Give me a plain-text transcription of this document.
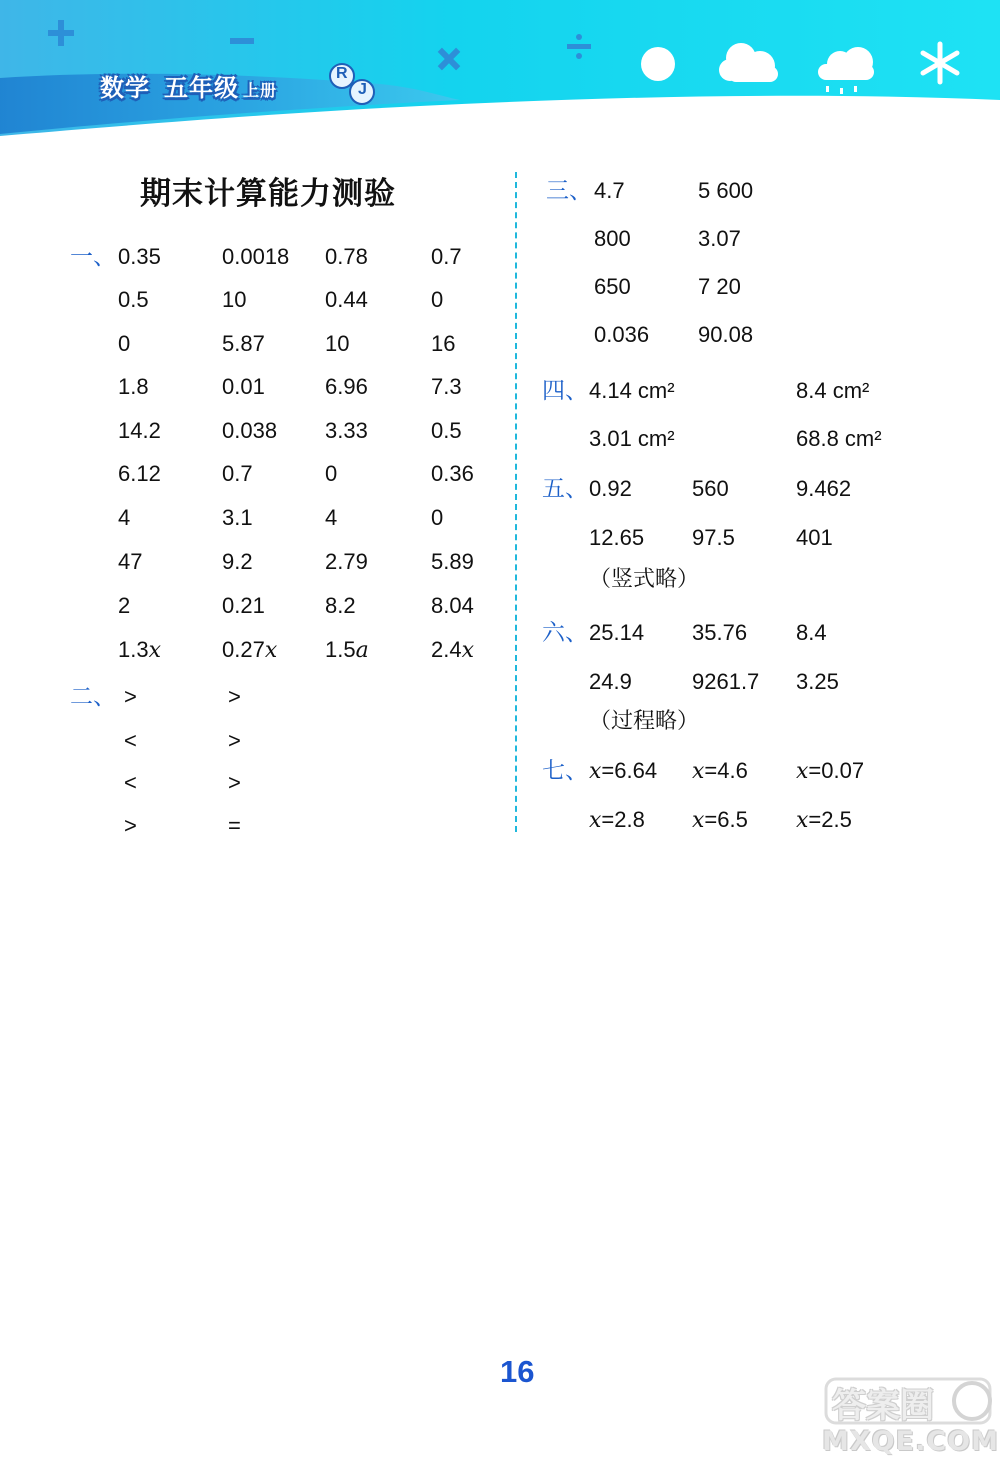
数学 五年级 上册
R
J
期末计算能力测验
一、 0.35	0.0018 0.78	0.7
0.5	10	0.44	0
0	5.87	10	16
1.8	0.01	6.96	7.3
14.2	0.038 3.33	0.5
6.12	0.7	0	0.36
4	3.1	4	0
47	9.2	2.79	5.89
2	0.21	8.2	8.04
1.3x	0.27x 1.5a	2.4x
二、 >	>
<	>
<	>
>	=
三、 4.7	5 600
800	3.07
650	7 20
0.036 90.08
四、 4.14 cm²	8.4 cm²
3.01 cm²	68.8 cm²
五、 0.92	560	9.462
12.65 97.5	401
（竖式略）
六、 25.14 35.76 8.4
24.9	9261.7 3.25
（过程略）
七、 x=6.64 x=4.6 x=0.07
x=2.8 x=6.5 x=2.5
16
答案圈
MXQE.COM
